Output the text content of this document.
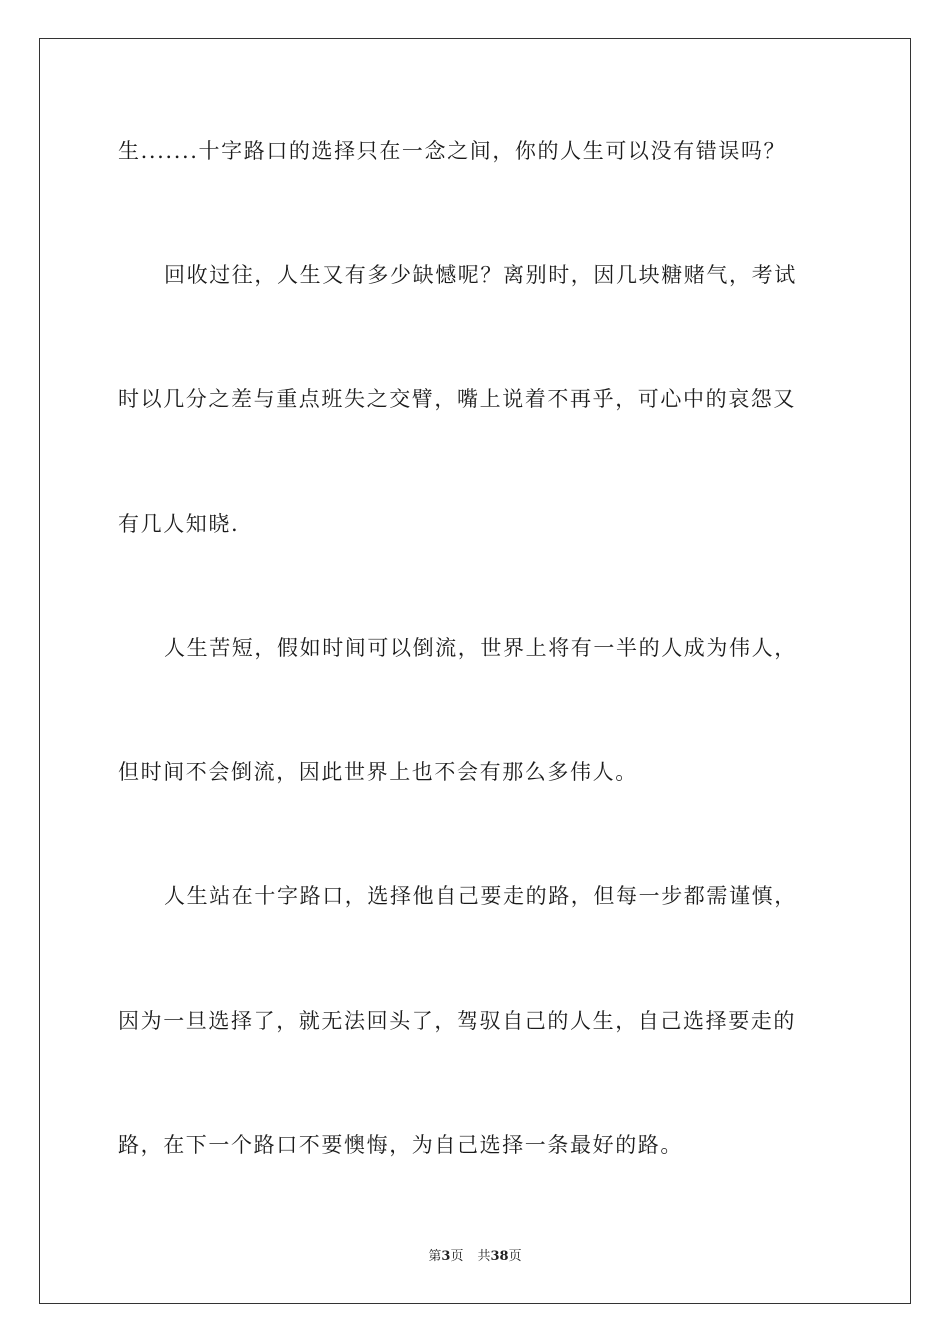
生.......十字路口的选择只在一念之间，你的人生可以没有错误吗？
回收过往，人生又有多少缺憾呢？离别时，因几块糖赌气，考试
时以几分之差与重点班失之交臂，嘴上说着不再乎，可心中的哀怨又
有几人知晓.
人生苦短，假如时间可以倒流，世界上将有一半的人成为伟人，
但时间不会倒流，因此世界上也不会有那么多伟人。
人生站在十字路口，选择他自己要走的路，但每一步都需谨慎，
因为一旦选择了，就无法回头了，驾驭自己的人生，自己选择要走的
路，在下一个路口不要懊悔，为自己选择一条最好的路。
第3页 共38页
